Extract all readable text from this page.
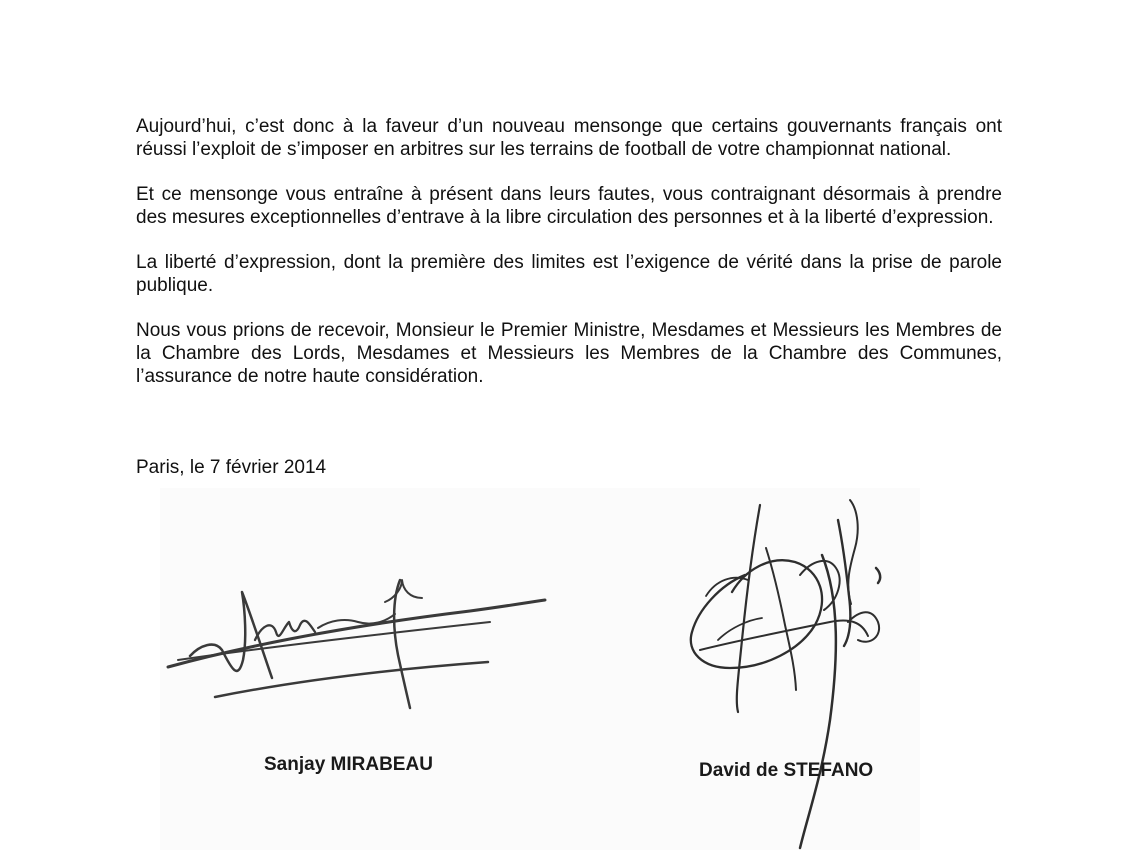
Aujourd’hui, c’est donc à la faveur d’un nouveau mensonge que certains gouvernants français ont réussi l’exploit de s’imposer en arbitres sur les terrains de football de votre championnat national.

Et ce mensonge vous entraîne à présent dans leurs fautes, vous contraignant désormais à prendre des mesures exceptionnelles d’entrave à la libre circulation des personnes et à la liberté d’expression.

La liberté d’expression, dont la première des limites est l’exigence de vérité dans la prise de parole publique.

Nous vous prions de recevoir, Monsieur le Premier Ministre, Mesdames et Messieurs les Membres de la Chambre des Lords, Mesdames et Messieurs les Membres de la Chambre des Communes, l’assurance de notre haute considération.

Paris, le 7 février 2014
Sanjay MIRABEAU	David de STEFANO
